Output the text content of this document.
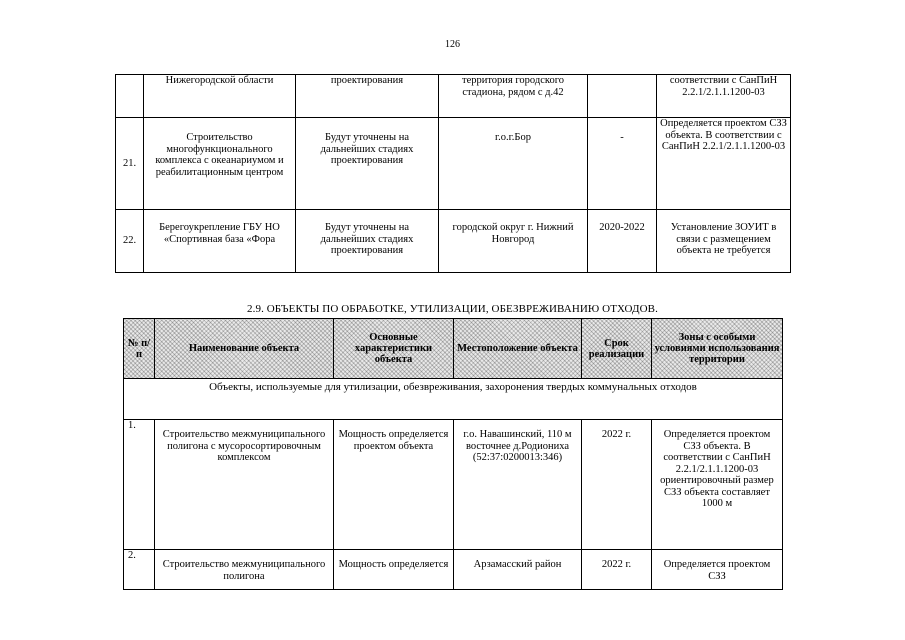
126
	Нижегородской области	проектирования	территория городского стадиона, рядом с д.42		соответствии с СанПиН 2.2.1/2.1.1.1200-03
21.	Строительство многофункционального комплекса с океанариумом и реабилитационным центром	Будут уточнены на дальнейших стадиях проектирования	г.о.г.Бор	-	Определяется проектом СЗЗ объекта. В соответствии с СанПиН 2.2.1/2.1.1.1200-03
22.	Берегоукрепление ГБУ НО «Спортивная база «Фора	Будут уточнены на дальнейших стадиях проектирования	городской округ г. Нижний Новгород	2020-2022	Установление ЗОУИТ в связи с размещением объекта не требуется
2.9. ОБЪЕКТЫ ПО ОБРАБОТКЕ, УТИЛИЗАЦИИ, ОБЕЗВРЕЖИВАНИЮ ОТХОДОВ.
№ п/п	Наименование объекта	Основные характеристики объекта	Местоположение объекта	Срок реализации	Зоны с особыми условиями использования территории
Объекты, используемые для утилизации, обезвреживания, захоронения твердых коммунальных отходов					
1.	Строительство межмуниципального полигона с мусоросортировочным комплексом	Мощность определяется проектом объекта	г.о. Навашинский, 110 м восточнее д.Родиониха (52:37:0200013:346)	2022 г.	Определяется проектом СЗЗ объекта. В соответствии с СанПиН 2.2.1/2.1.1.1200-03 ориентировочный размер СЗЗ объекта составляет 1000 м
2.	Строительство межмуниципального полигона	Мощность определяется	Арзамасский район	2022 г.	Определяется проектом СЗЗ
